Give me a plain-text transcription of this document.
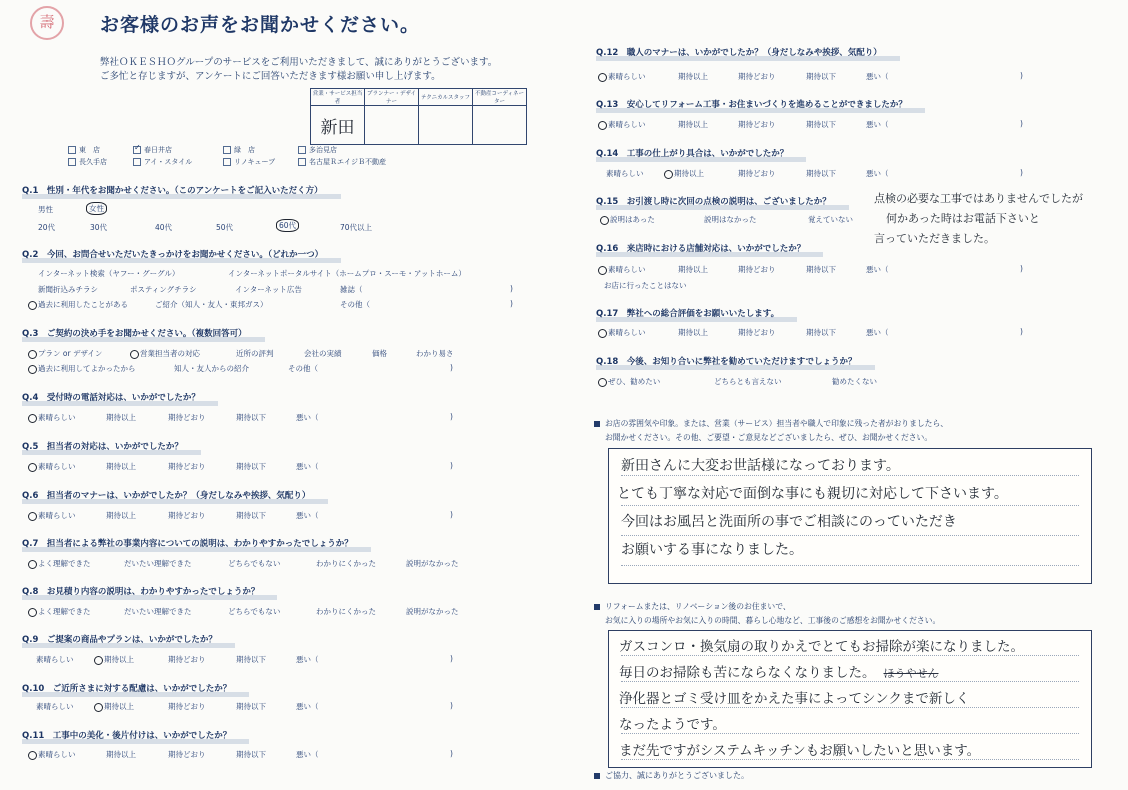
壽	お客様のお声をお聞かせください。
弊社ＯＫＥＳＨＯグループのサービスをご利用いただきまして、誠にありがとうございます。
ご多忙と存じますが、アンケートにご回答いただきます様お願い申し上げます。
営業・サービス担当者	プランナー・デザイナー	テクニカルスタッフ	不動産コーディネーター
新田			
東　店	✓ 春日井店	緑　店	多治見店
長久手店	アイ・スタイル	リノキューブ	名古屋ＲエイジＢ不動産
Q.1　性別・年代をお聞かせください。（このアンケートをご記入いただく方）
男性	女性
20代	30代	40代	50代	60代	70代以上
Q.2　今回、お問合せいただいたきっかけをお聞かせください。（どれか一つ）
インターネット検索（ヤフー・グーグル）	インターネットポータルサイト（ホームプロ・スーモ・アットホーム）
新聞折込みチラシ	ポスティングチラシ	インターネット広告	雑誌（	)
過去に利用したことがある	ご紹介（知人・友人・東邦ガス）	その他（	)
Q.3　ご契約の決め手をお聞かせください。（複数回答可）
プラン or デザイン	営業担当者の対応	近所の評判	会社の実績	価格	わかり易さ
過去に利用してよかったから	知人・友人からの紹介	その他（	)
Q.4　受付時の電話対応は、いかがでしたか？
素晴らしい	期待以上	期待どおり	期待以下	悪い（	)
Q.5　担当者の対応は、いかがでしたか？
素晴らしい	期待以上	期待どおり	期待以下	悪い（	)
Q.6　担当者のマナーは、いかがでしたか？（身だしなみや挨拶、気配り）
素晴らしい	期待以上	期待どおり	期待以下	悪い（	)
Q.7　担当者による弊社の事業内容についての説明は、わかりやすかったでしょうか？
よく理解できた	だいたい理解できた	どちらでもない	わかりにくかった	説明がなかった
Q.8　お見積り内容の説明は、わかりやすかったでしょうか？
よく理解できた	だいたい理解できた	どちらでもない	わかりにくかった	説明がなかった
Q.9　ご提案の商品やプランは、いかがでしたか？
素晴らしい	期待以上	期待どおり	期待以下	悪い（	)
Q.10　ご近所さまに対する配慮は、いかがでしたか？
素晴らしい	期待以上	期待どおり	期待以下	悪い（	)
Q.11　工事中の美化・後片付けは、いかがでしたか？
素晴らしい	期待以上	期待どおり	期待以下	悪い（	)
Q.12　職人のマナーは、いかがでしたか？（身だしなみや挨拶、気配り）
素晴らしい	期待以上	期待どおり	期待以下	悪い（	)
Q.13　安心してリフォーム工事・お住まいづくりを進めることができましたか？
素晴らしい	期待以上	期待どおり	期待以下	悪い（	)
Q.14　工事の仕上がり具合は、いかがでしたか？
素晴らしい	期待以上	期待どおり	期待以下	悪い（	)
Q.15　お引渡し時に次回の点検の説明は、ございましたか？
説明はあった	説明はなかった	覚えていない
点検の必要な工事ではありませんでしたが
何かあった時はお電話下さいと
言っていただきました。
Q.16　来店時における店舗対応は、いかがでしたか？
素晴らしい	期待以上	期待どおり	期待以下	悪い（	)
お店に行ったことはない
Q.17　弊社への総合評価をお願いいたします。
素晴らしい	期待以上	期待どおり	期待以下	悪い（	)
Q.18　今後、お知り合いに弊社を勧めていただけますでしょうか？
ぜひ、勧めたい	どちらとも言えない	勧めたくない
お店の雰囲気や印象。または、営業（サービス）担当者や職人で印象に残った者がおりましたら、
お聞かせください。その他、ご要望・ご意見などございましたら、ぜひ、お聞かせください。
新田さんに大変お世話様になっております。
とても丁寧な対応で面倒な事にも親切に対応して下さいます。
今回はお風呂と洗面所の事でご相談にのっていただき
お願いする事になりました。
リフォームまたは、リノベーション後のお住まいで、
お気に入りの場所やお気に入りの時間、暮らし心地など、工事後のご感想をお聞かせください。
ガスコンロ・換気扇の取りかえでとてもお掃除が楽になりました。
毎日のお掃除も苦にならなくなりました。 ほうやせん
浄化器とゴミ受け皿をかえた事によってシンクまで新しく
なったようです。
まだ先ですがシステムキッチンもお願いしたいと思います。
ご協力、誠にありがとうございました。
